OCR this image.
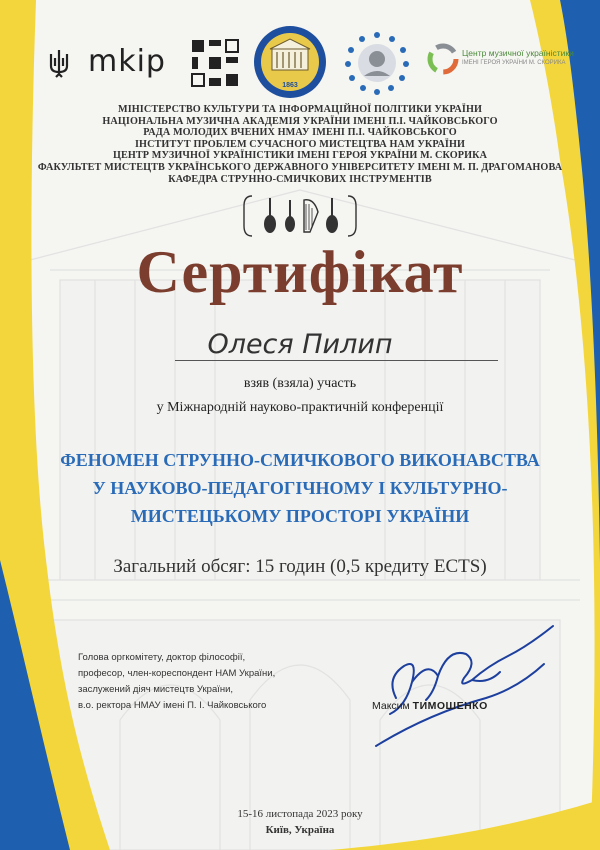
mkip
1863
Центр музичної україністики
ІМЕНІ ГЕРОЯ УКРАЇНИ М. СКОРИКА
МІНІСТЕРСТВО КУЛЬТУРИ ТА ІНФОРМАЦІЙНОЇ ПОЛІТИКИ УКРАЇНИ
НАЦІОНАЛЬНА МУЗИЧНА АКАДЕМІЯ УКРАЇНИ ІМЕНІ П.І. ЧАЙКОВСЬКОГО
РАДА МОЛОДИХ ВЧЕНИХ НМАУ ІМЕНІ П.І. ЧАЙКОВСЬКОГО
ІНСТИТУТ ПРОБЛЕМ СУЧАСНОГО МИСТЕЦТВА НАМ УКРАЇНИ
ЦЕНТР МУЗИЧНОЇ УКРАЇНІСТИКИ ІМЕНІ ГЕРОЯ УКРАЇНИ М. СКОРИКА
ФАКУЛЬТЕТ МИСТЕЦТВ УКРАЇНСЬКОГО ДЕРЖАВНОГО УНІВЕРСИТЕТУ ІМЕНІ М. П. ДРАГОМАНОВА
КАФЕДРА СТРУННО-СМИЧКОВИХ ІНСТРУМЕНТІВ
Сертифікат
Олеся Пилип
взяв (взяла) участь
у Міжнародній науково-практичній конференції
ФЕНОМЕН СТРУННО-СМИЧКОВОГО ВИКОНАВСТВА
У НАУКОВО-ПЕДАГОГІЧНОМУ І КУЛЬТУРНО-
МИСТЕЦЬКОМУ ПРОСТОРІ УКРАЇНИ
Загальний обсяг: 15 годин (0,5 кредиту ECTS)
Голова оргкомітету, доктор філософії,
професор, член-кореспондент НАМ України,
заслужений діяч мистецтв України,
в.о. ректора НМАУ імені П. І. Чайковського	Максим ТИМОШЕНКО
15-16 листопада 2023 року
Київ, Україна
